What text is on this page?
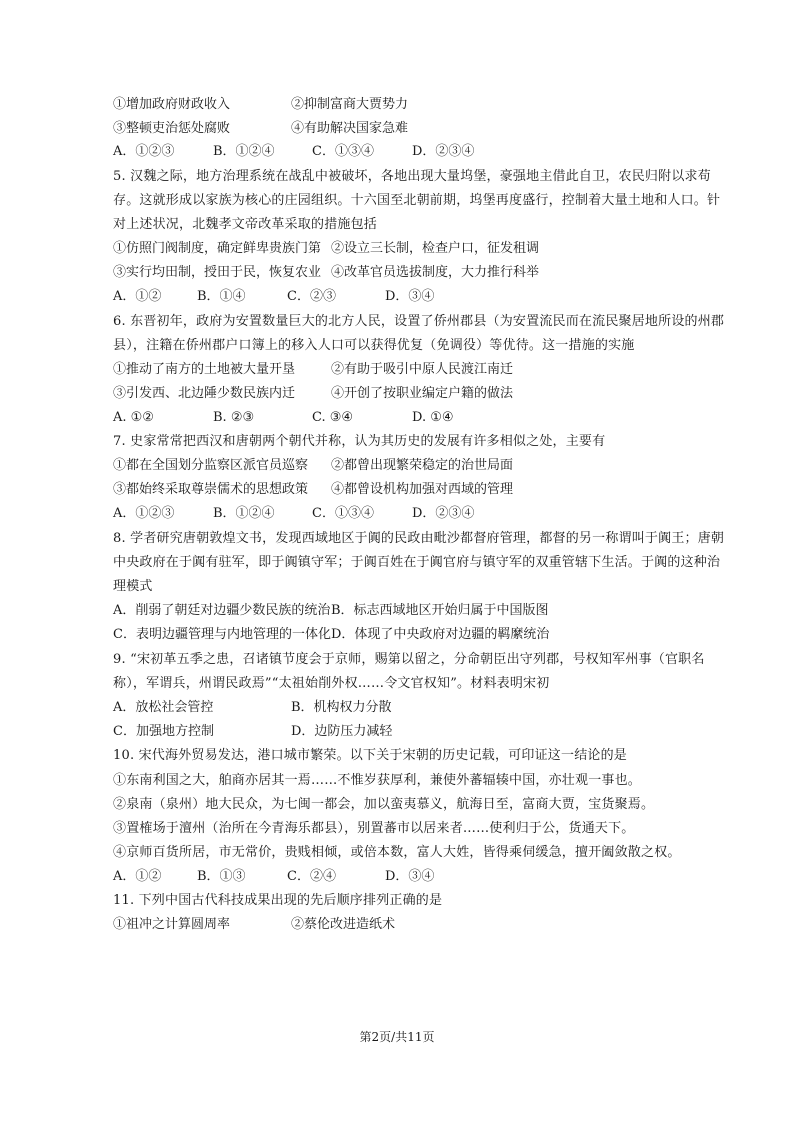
①增加政府财政收入	②抑制富商大贾势力
③整顿吏治惩处腐败	④有助解决国家急难
A．①②③	B．①②④	C．①③④	D．②③④
5. 汉魏之际，地方治理系统在战乱中被破坏，各地出现大量坞堡，豪强地主借此自卫，农民归附以求苟
存。这就形成以家族为核心的庄园组织。十六国至北朝前期，坞堡再度盛行，控制着大量土地和人口。针
对上述状况，北魏孝文帝改革采取的措施包括
①仿照门阀制度，确定鲜卑贵族门第 ②设立三长制，检查户口，征发租调
③实行均田制，授田于民，恢复农业 ④改革官员选拔制度，大力推行科举
A．①②	B．①④	C．②③	D．③④
6. 东晋初年，政府为安置数量巨大的北方人民，设置了侨州郡县（为安置流民而在流民聚居地所设的州郡
县），注籍在侨州郡户口簿上的移入人口可以获得优复（免调役）等优待。这一措施的实施
①推动了南方的土地被大量开垦	②有助于吸引中原人民渡江南迁
③引发西、北边陲少数民族内迁	④开创了按职业编定户籍的做法
A. ①②	B. ②③	C. ③④	D. ①④
7. 史家常常把西汉和唐朝两个朝代并称，认为其历史的发展有许多相似之处，主要有
①都在全国划分监察区派官员巡察 ②都曾出现繁荣稳定的治世局面
③都始终采取尊崇儒术的思想政策 ④都曾设机构加强对西域的管理
A．①②③	B．①②④	C．①③④	D．②③④
8. 学者研究唐朝敦煌文书，发现西域地区于阗的民政由毗沙都督府管理，都督的另一称谓叫于阗王；唐朝
中央政府在于阗有驻军，即于阗镇守军；于阗百姓在于阗官府与镇守军的双重管辖下生活。于阗的这种治
理模式
A．削弱了朝廷对边疆少数民族的统治 B．标志西域地区开始归属于中国版图
C．表明边疆管理与内地管理的一体化 D．体现了中央政府对边疆的羁縻统治
9. “宋初革五季之患，召诸镇节度会于京师，赐第以留之，分命朝臣出守列郡，号权知军州事（官职名
称），军谓兵，州谓民政焉”“太祖始削外权……令文官权知”。材料表明宋初
A．放松社会管控	B．机构权力分散
C．加强地方控制	D．边防压力减轻
10. 宋代海外贸易发达，港口城市繁荣。以下关于宋朝的历史记载，可印证这一结论的是
①东南利国之大，舶商亦居其一焉……不惟岁获厚利，兼使外蕃辐辏中国，亦壮观一事也。
②泉南（泉州）地大民众，为七闽一都会，加以蛮夷慕义，航海日至，富商大贾，宝货聚焉。
③置榷场于澶州（治所在今青海乐都县），别置蕃市以居来者……使利归于公，货通天下。
④京师百货所居，市无常价，贵贱相倾，或倍本数，富人大姓，皆得乘伺缓急，擅开阖敛散之权。
A．①②	B．①③	C．②④	D．③④
11. 下列中国古代科技成果出现的先后顺序排列正确的是
①祖冲之计算圆周率	②蔡伦改进造纸术
第2页/共11页
